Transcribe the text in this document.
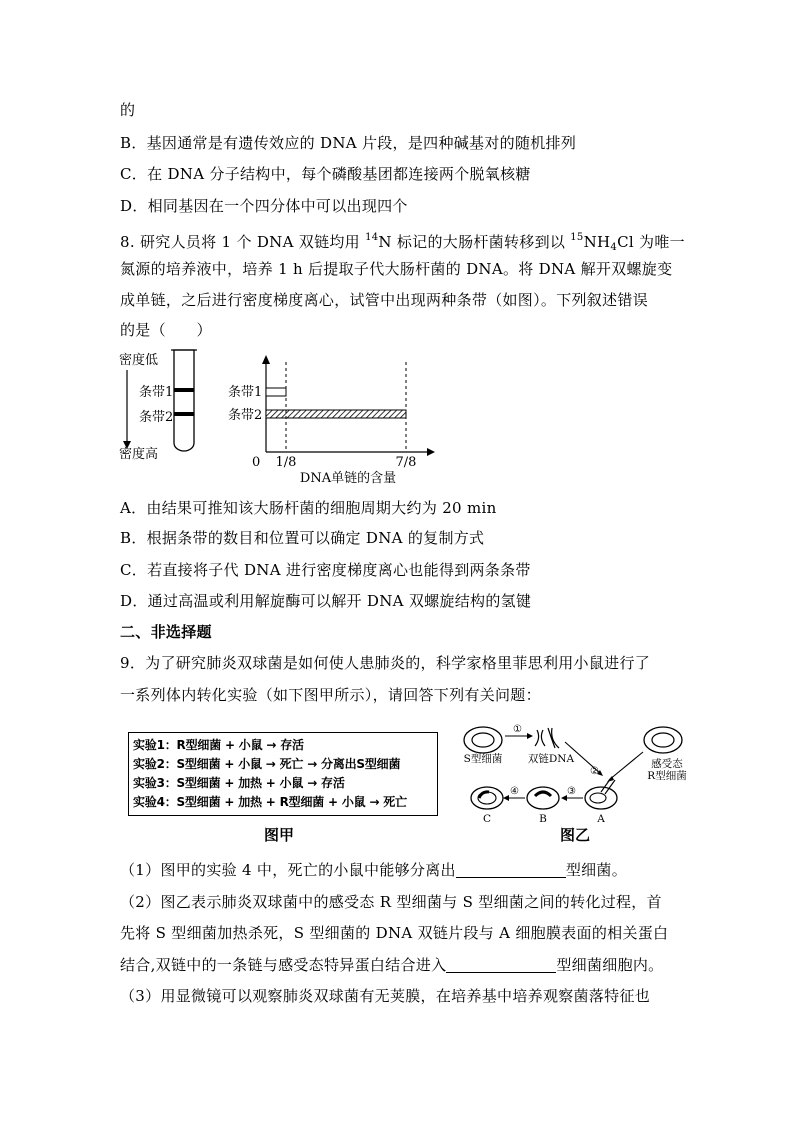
的
B．基因通常是有遗传效应的 DNA 片段，是四种碱基对的随机排列
C．在 DNA 分子结构中，每个磷酸基团都连接两个脱氧核糖
D．相同基因在一个四分体中可以出现四个
8. 研究人员将 1 个 DNA 双链均用 $^{14}$N 标记的大肠杆菌转移到以 $^{15}NH_4Cl$ 为唯一
氮源的培养液中，培养 1 h 后提取子代大肠杆菌的 DNA。将 DNA 解开双螺旋变
成单链，之后进行密度梯度离心，试管中出现两种条带（如图）。下列叙述错误
的是（　　）
密度低
条带1
条带2
密度高
条带1
条带2
0 1/8	7/8
DNA单链的含量
A．由结果可推知该大肠杆菌的细胞周期大约为 20 min
B．根据条带的数目和位置可以确定 DNA 的复制方式
C．若直接将子代 DNA 进行密度梯度离心也能得到两条条带
D．通过高温或利用解旋酶可以解开 DNA 双螺旋结构的氢键
二、非选择题
9．为了研究肺炎双球菌是如何使人患肺炎的，科学家格里菲思利用小鼠进行了
一系列体内转化实验（如下图甲所示），请回答下列有关问题：
实验1：R型细菌 + 小鼠 → 存活
实验2：S型细菌 + 小鼠 → 死亡 → 分离出S型细菌
实验3：S型细菌 + 加热 + 小鼠 → 存活
实验4：S型细菌 + 加热 + R型细菌 + 小鼠 → 死亡
图甲
S型细菌
①
双链DNA
②
感受态
R型细菌
A
③
B
④
C
图乙
（1）图甲的实验 4 中，死亡的小鼠中能够分离出	型细菌。
（2）图乙表示肺炎双球菌中的感受态 R 型细菌与 S 型细菌之间的转化过程，首
先将 S 型细菌加热杀死，S 型细菌的 DNA 双链片段与 A 细胞膜表面的相关蛋白
结合,双链中的一条链与感受态特异蛋白结合进入	型细菌细胞内。
（3）用显微镜可以观察肺炎双球菌有无荚膜，在培养基中培养观察菌落特征也
